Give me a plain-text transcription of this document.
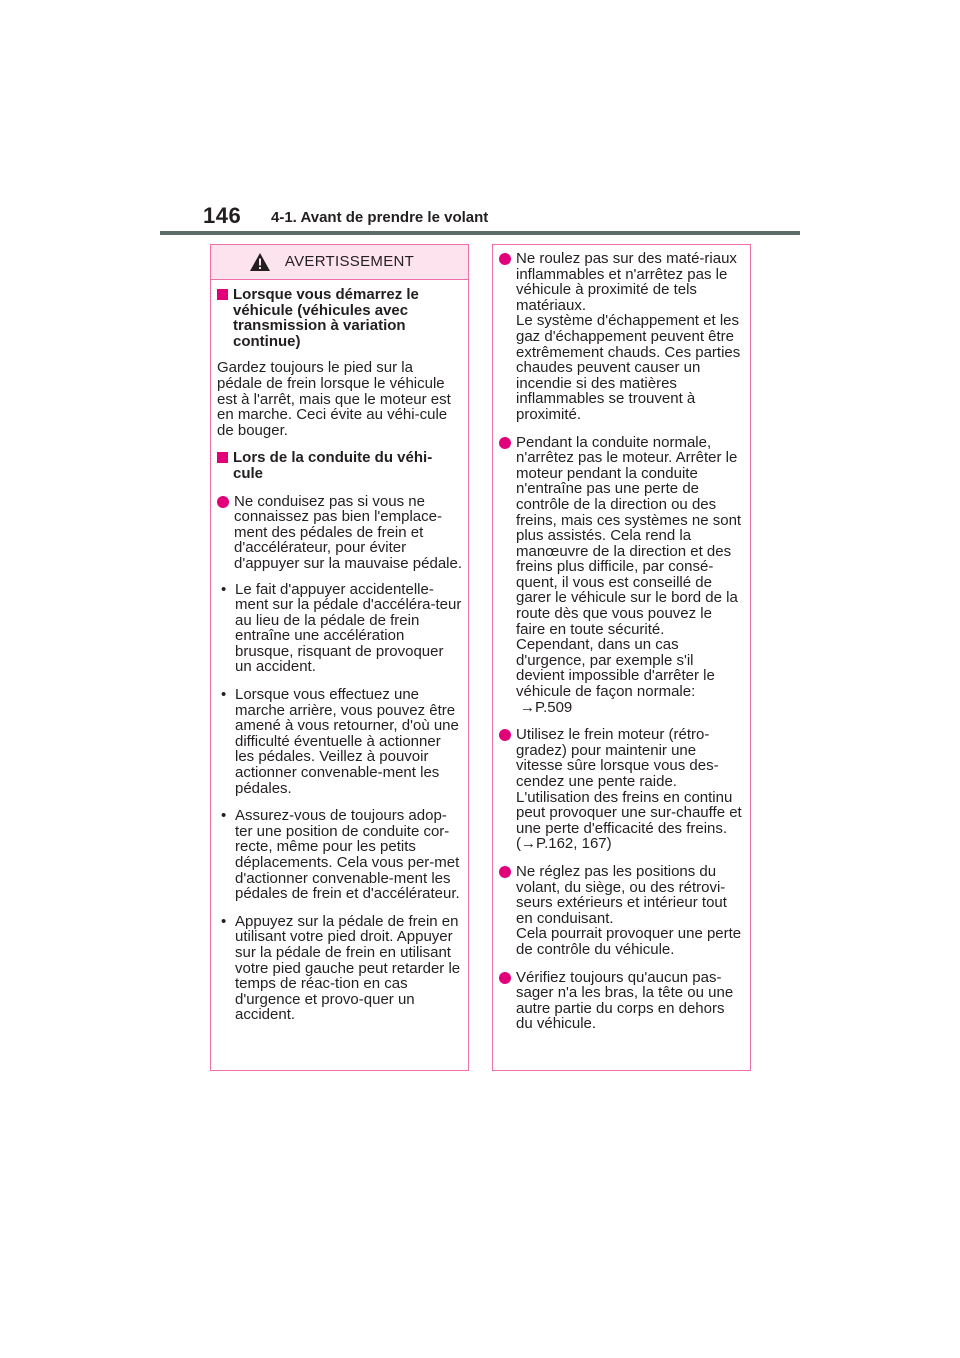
146 4-1. Avant de prendre le volant
AVERTISSEMENT
Lorsque vous démarrez le véhicule (véhicules avec transmission à variation continue)
Gardez toujours le pied sur la pédale de frein lorsque le véhicule est à l'arrêt, mais que le moteur est en marche. Ceci évite au véhi-cule de bouger.
Lors de la conduite du véhi-cule
Ne conduisez pas si vous ne connaissez pas bien l'emplace-ment des pédales de frein et d'accélérateur, pour éviter d'appuyer sur la mauvaise pédale.
• Le fait d'appuyer accidentelle-ment sur la pédale d'accéléra-teur au lieu de la pédale de frein entraîne une accélération brusque, risquant de provoquer un accident.
• Lorsque vous effectuez une marche arrière, vous pouvez être amené à vous retourner, d'où une difficulté éventuelle à actionner les pédales. Veillez à pouvoir actionner convenable-ment les pédales.
• Assurez-vous de toujours adop-ter une position de conduite cor-recte, même pour les petits déplacements. Cela vous per-met d'actionner convenable-ment les pédales de frein et d'accélérateur.
• Appuyez sur la pédale de frein en utilisant votre pied droit. Appuyer sur la pédale de frein en utilisant votre pied gauche peut retarder le temps de réac-tion en cas d'urgence et provo-quer un accident.
Ne roulez pas sur des maté-riaux inflammables et n'arrêtez pas le véhicule à proximité de tels matériaux.
Le système d'échappement et les gaz d'échappement peuvent être extrêmement chauds. Ces parties chaudes peuvent causer un incendie si des matières inflammables se trouvent à proximité.
Pendant la conduite normale, n'arrêtez pas le moteur. Arrêter le moteur pendant la conduite n'entraîne pas une perte de contrôle de la direction ou des freins, mais ces systèmes ne sont plus assistés. Cela rend la manœuvre de la direction et des freins plus difficile, par consé-quent, il vous est conseillé de garer le véhicule sur le bord de la route dès que vous pouvez le faire en toute sécurité.
Cependant, dans un cas d'urgence, par exemple s'il devient impossible d'arrêter le véhicule de façon normale:
→P.509
Utilisez le frein moteur (rétro-gradez) pour maintenir une vitesse sûre lorsque vous des-cendez une pente raide.
L'utilisation des freins en continu peut provoquer une sur-chauffe et une perte d'efficacité des freins. (→P.162, 167)
Ne réglez pas les positions du volant, du siège, ou des rétrovi-seurs extérieurs et intérieur tout en conduisant.
Cela pourrait provoquer une perte de contrôle du véhicule.
Vérifiez toujours qu'aucun pas-sager n'a les bras, la tête ou une autre partie du corps en dehors du véhicule.
